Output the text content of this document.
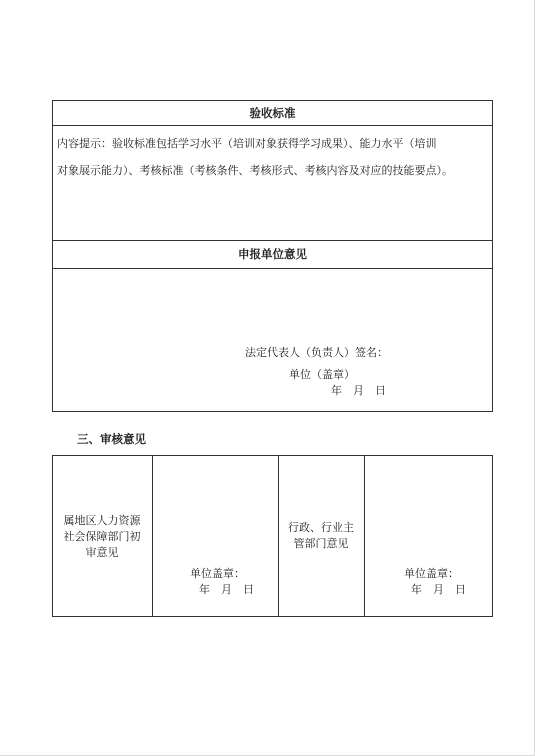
验收标准
内容提示：验收标准包括学习水平（培训对象获得学习成果）、能力水平（培训
对象展示能力）、考核标准（考核条件、考核形式、考核内容及对应的技能要点）。
申报单位意见
法定代表人（负责人）签名：
单位（盖章）
年　月　日
三、审核意见
属地区人力资源
社会保障部门初
审意见
单位盖章：
年　月　日
行政、行业主
管部门意见
单位盖章：
年　月　日
